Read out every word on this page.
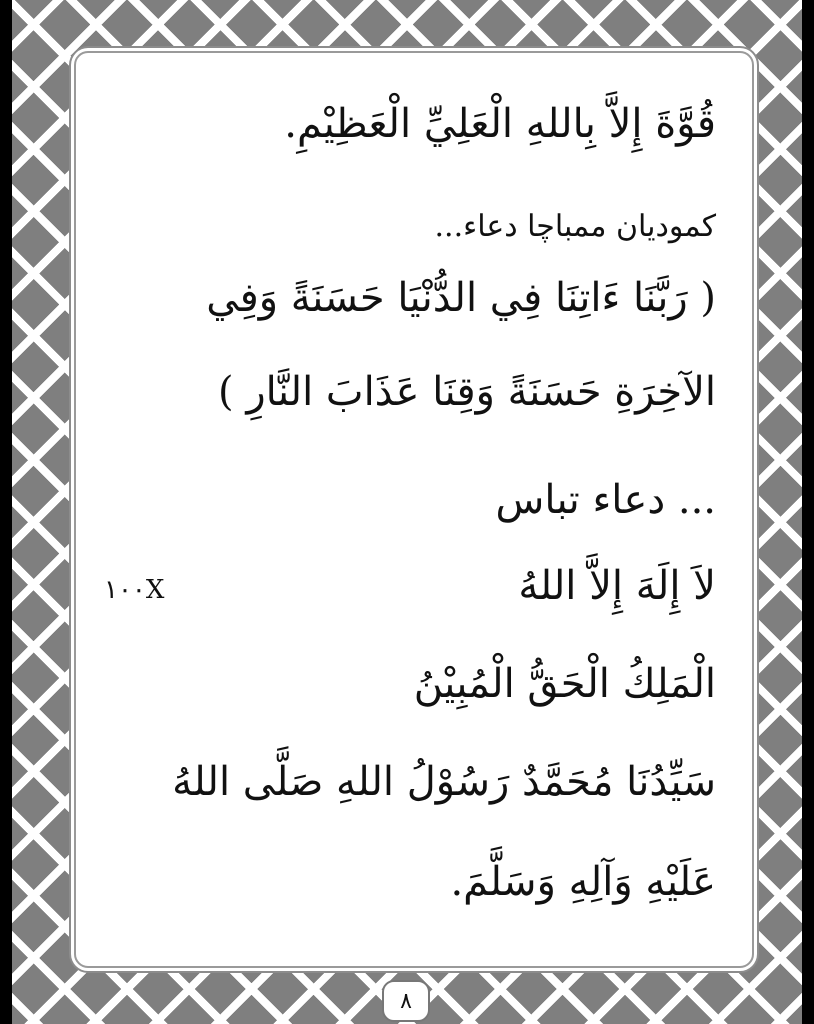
قُوَّةَ إِلاَّ بِاللهِ الْعَلِيِّ الْعَظِيْمِ.
كموديان ممباچا دعاء...
( رَبَّنَا ءَاتِنَا فِي الدُّنْيَا حَسَنَةً وَفِي
الآخِرَةِ حَسَنَةً وَقِنَا عَذَابَ النَّارِ )
... دعاء تباس
لاَ إِلَهَ إِلاَّ اللهُ
١٠٠X
الْمَلِكُ الْحَقُّ الْمُبِيْنُ
سَيِّدُنَا مُحَمَّدٌ رَسُوْلُ اللهِ صَلَّى اللهُ
عَلَيْهِ وَآلِهِ وَسَلَّمَ.
٨
